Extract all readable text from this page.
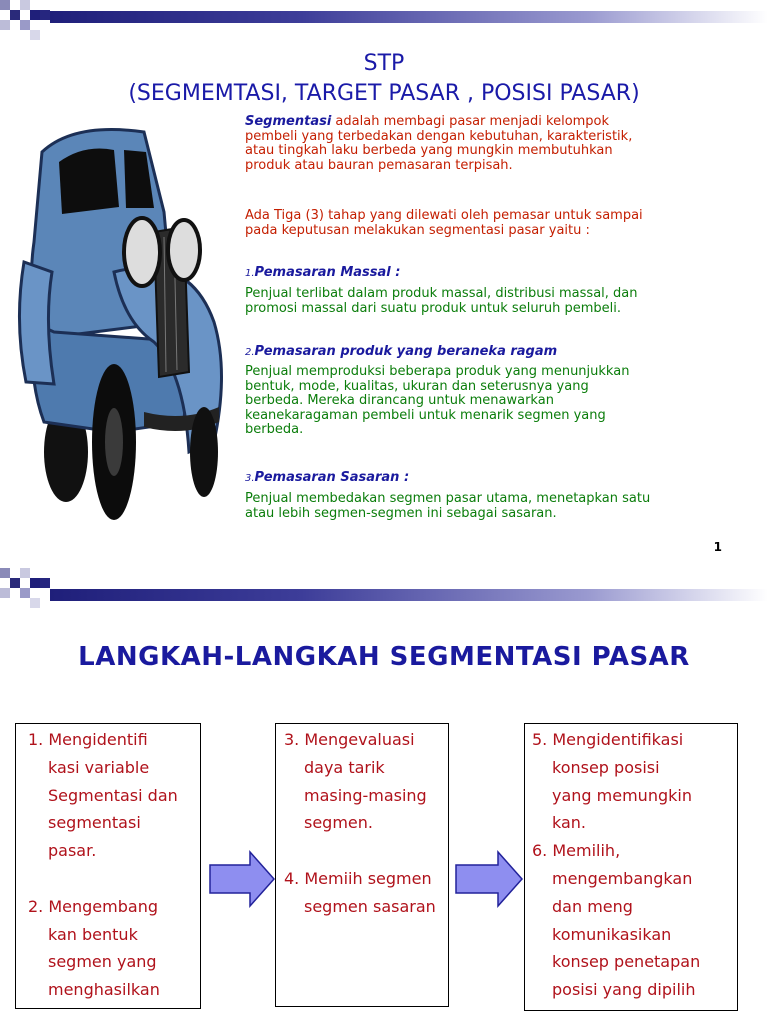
STP
(SEGMEMTASI, TARGET PASAR , POSISI PASAR)
Segmentasi adalah membagi pasar menjadi kelompok
pembeli yang terbedakan dengan kebutuhan, karakteristik,
atau tingkah laku berbeda yang mungkin membutuhkan
produk atau bauran pemasaran terpisah.
Ada Tiga (3) tahap yang dilewati oleh pemasar untuk sampai
pada keputusan melakukan segmentasi pasar yaitu :
1.Pemasaran Massal :
Penjual terlibat dalam produk massal, distribusi massal, dan
promosi massal dari suatu produk untuk seluruh pembeli.
2.Pemasaran produk yang beraneka ragam
Penjual memproduksi beberapa produk yang menunjukkan
bentuk, mode, kualitas, ukuran dan seterusnya yang
berbeda. Mereka dirancang untuk menawarkan
keanekaragaman pembeli untuk menarik segmen yang
berbeda.
3.Pemasaran Sasaran :
Penjual membedakan segmen pasar utama, menetapkan satu
atau lebih segmen-segmen ini sebagai sasaran.
1
LANGKAH-LANGKAH SEGMENTASI PASAR
1. Mengidentifi
kasi variable
Segmentasi dan
segmentasi
pasar.
2. Mengembang
kan bentuk
segmen yang
menghasilkan
3. Mengevaluasi
daya tarik
masing-masing
segmen.
4. Memiih segmen
segmen sasaran
5. Mengidentifikasi
konsep posisi
yang memungkin
kan.
6. Memilih,
mengembangkan
dan meng
komunikasikan
konsep penetapan
posisi yang dipilih
